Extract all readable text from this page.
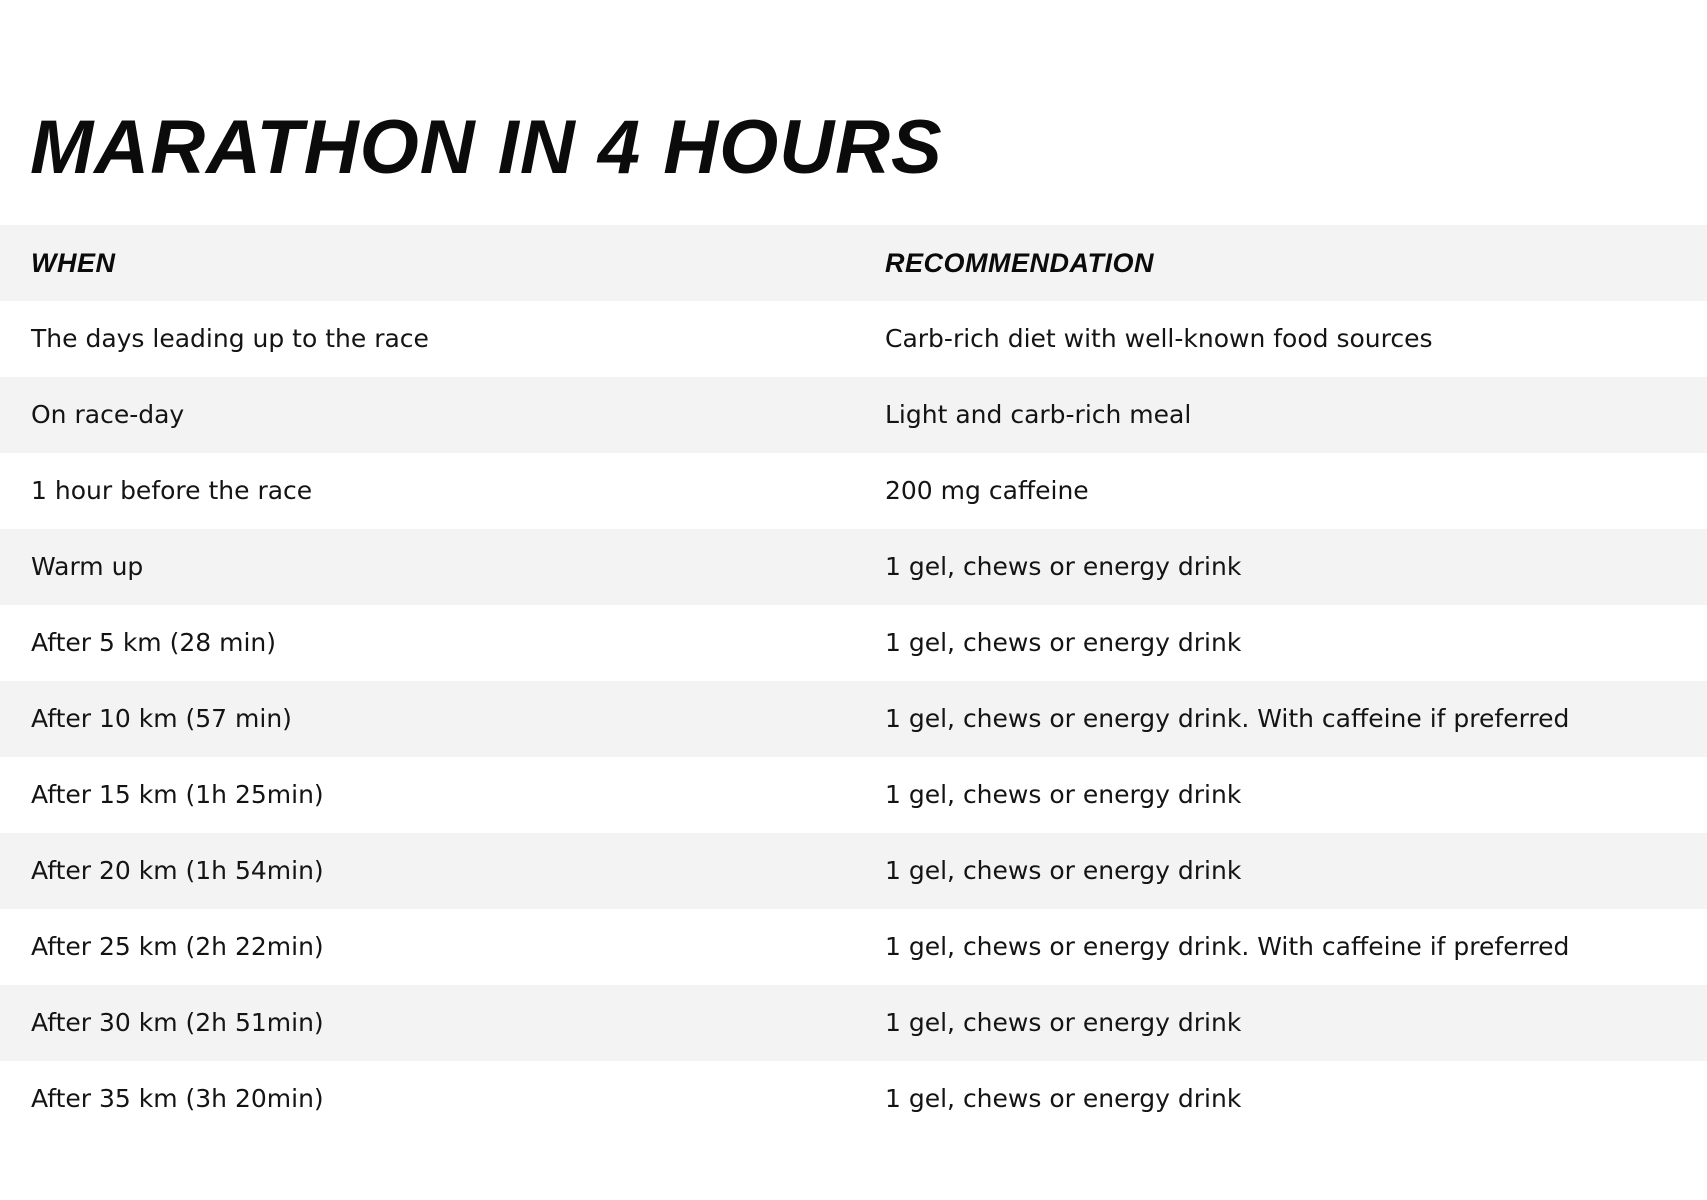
MARATHON IN 4 HOURS
WHEN	RECOMMENDATION
The days leading up to the race	Carb-rich diet with well-known food sources
On race-day	Light and carb-rich meal
1 hour before the race	200 mg caffeine
Warm up	1 gel, chews or energy drink
After 5 km (28 min)	1 gel, chews or energy drink
After 10 km (57 min)	1 gel, chews or energy drink. With caffeine if preferred
After 15 km (1h 25min)	1 gel, chews or energy drink
After 20 km (1h 54min)	1 gel, chews or energy drink
After 25 km (2h 22min)	1 gel, chews or energy drink. With caffeine if preferred
After 30 km (2h 51min)	1 gel, chews or energy drink
After 35 km (3h 20min)	1 gel, chews or energy drink
